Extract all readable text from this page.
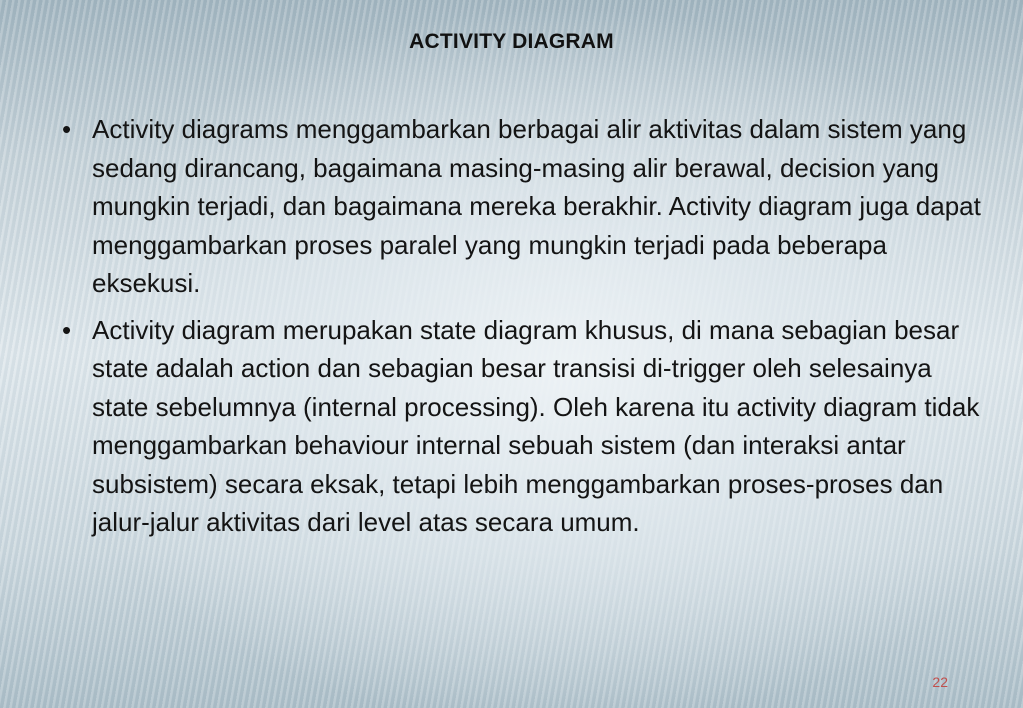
ACTIVITY DIAGRAM
• Activity diagrams menggambarkan berbagai alir aktivitas dalam sistem yang sedang dirancang, bagaimana masing-masing alir berawal, decision yang mungkin terjadi, dan bagaimana mereka berakhir. Activity diagram juga dapat menggambarkan proses paralel yang mungkin terjadi pada beberapa eksekusi.
• Activity diagram merupakan state diagram khusus, di mana sebagian besar state adalah action dan sebagian besar transisi di-trigger oleh selesainya state sebelumnya (internal processing). Oleh karena itu activity diagram tidak menggambarkan behaviour internal sebuah sistem (dan interaksi antar subsistem) secara eksak, tetapi lebih menggambarkan proses-proses dan jalur-jalur aktivitas dari level atas secara umum.
22
